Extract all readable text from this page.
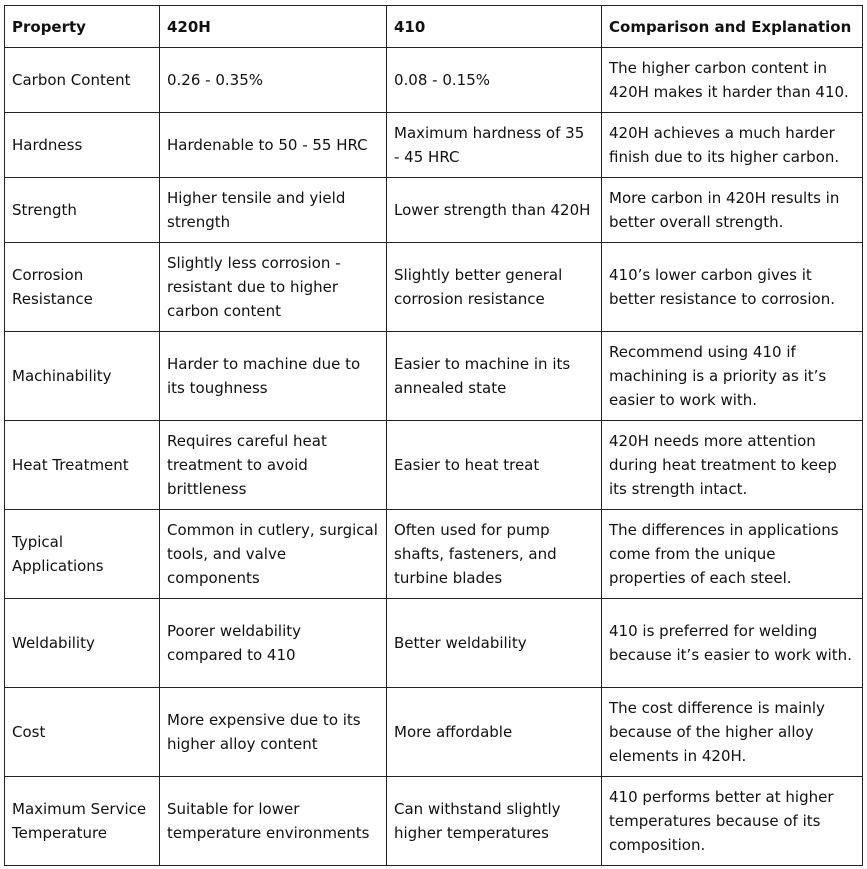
Property	420H	410	Comparison and Explanation
Carbon Content	0.26 - 0.35%	0.08 - 0.15%	The higher carbon content in 420H makes it harder than 410.
Hardness	Hardenable to 50 - 55 HRC	Maximum hardness of 35 - 45 HRC	420H achieves a much harder finish due to its higher carbon.
Strength	Higher tensile and yield strength	Lower strength than 420H	More carbon in 420H results in better overall strength.
Corrosion Resistance	Slightly less corrosion - resistant due to higher carbon content	Slightly better general corrosion resistance	410’s lower carbon gives it better resistance to corrosion.
Machinability	Harder to machine due to its toughness	Easier to machine in its annealed state	Recommend using 410 if machining is a priority as it’s easier to work with.
Heat Treatment	Requires careful heat treatment to avoid brittleness	Easier to heat treat	420H needs more attention during heat treatment to keep its strength intact.
Typical Applications	Common in cutlery, surgical tools, and valve components	Often used for pump shafts, fasteners, and turbine blades	The differences in applications come from the unique properties of each steel.
Weldability	Poorer weldability compared to 410	Better weldability	410 is preferred for welding because it’s easier to work with.
Cost	More expensive due to its higher alloy content	More affordable	The cost difference is mainly because of the higher alloy elements in 420H.
Maximum Service Temperature	Suitable for lower temperature environments	Can withstand slightly higher temperatures	410 performs better at higher temperatures because of its composition.
